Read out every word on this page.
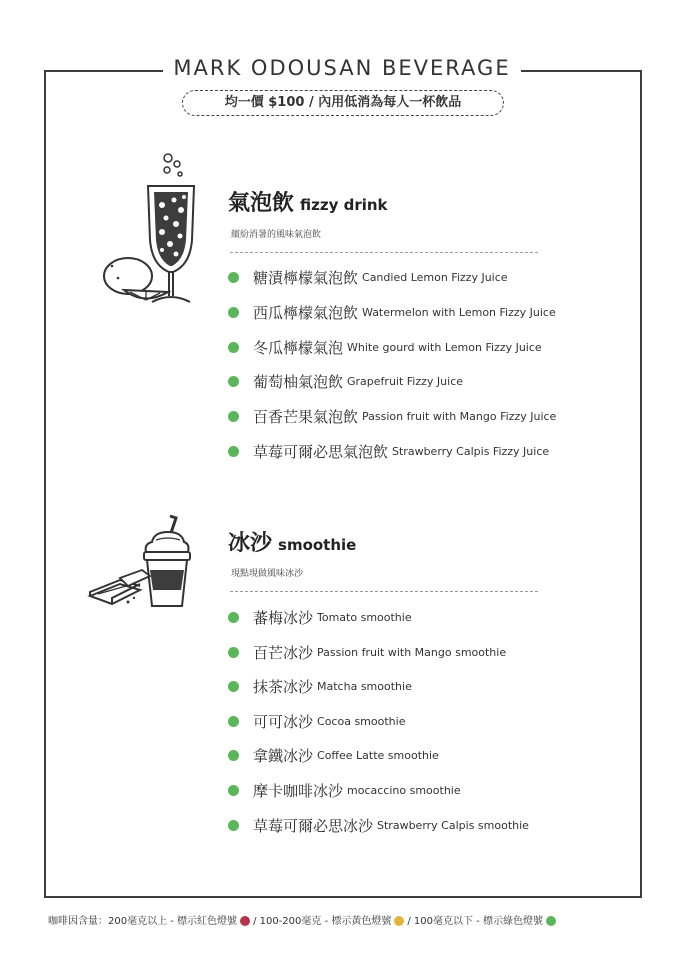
MARK ODOUSAN BEVERAGE
均一價 $100 / 內用低消為每人一杯飲品
氣泡飲 fizzy drink
繽紛消暑的風味氣泡飲
糖漬檸檬氣泡飲 Candied Lemon Fizzy Juice
西瓜檸檬氣泡飲 Watermelon with Lemon Fizzy Juice
冬瓜檸檬氣泡 White gourd with Lemon Fizzy Juice
葡萄柚氣泡飲 Grapefruit Fizzy Juice
百香芒果氣泡飲 Passion fruit with Mango Fizzy Juice
草莓可爾必思氣泡飲 Strawberry Calpis Fizzy Juice
冰沙 smoothie
現點現做風味冰沙
蕃梅冰沙 Tomato smoothie
百芒冰沙 Passion fruit with Mango smoothie
抹茶冰沙 Matcha smoothie
可可冰沙 Cocoa smoothie
拿鐵冰沙 Coffee Latte smoothie
摩卡咖啡冰沙 mocaccino smoothie
草莓可爾必思冰沙 Strawberry Calpis smoothie
咖啡因含量：200毫克以上 - 標示紅色燈號 / 100-200毫克 - 標示黃色燈號 / 100毫克以下 - 標示綠色燈號
